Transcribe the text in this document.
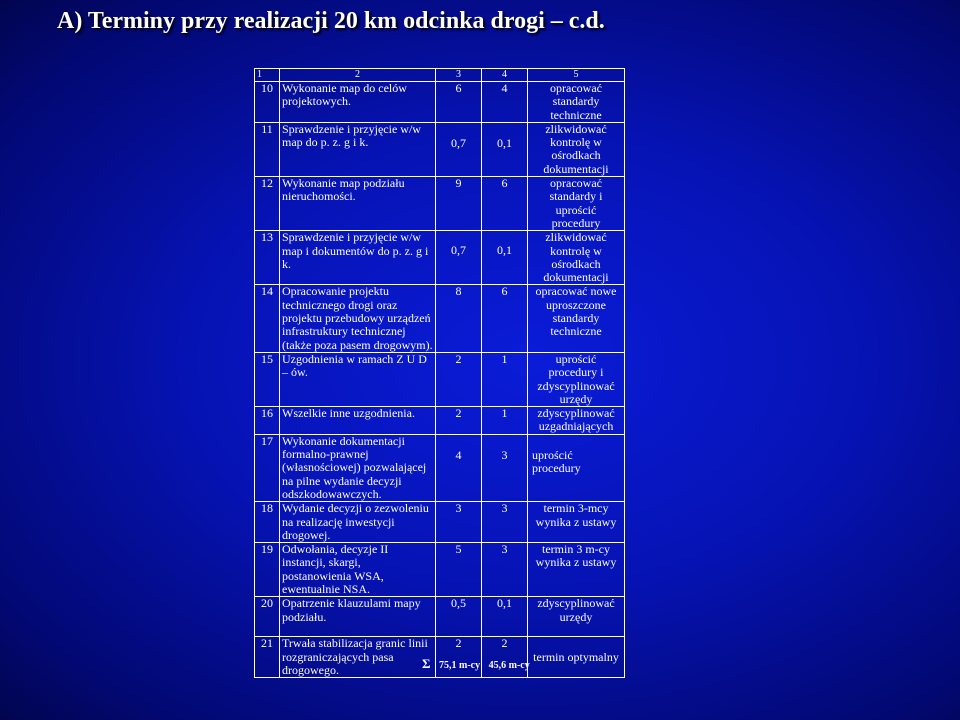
A) Terminy przy realizacji 20 km odcinka drogi – c.d.
1	2	3	4	5
10	Wykonanie map do celów projektowych.	6	4	opracować standardy techniczne
11	Sprawdzenie i przyjęcie w/w map do p. z. g i k.	0,7	0,1	zlikwidować kontrolę w ośrodkach dokumentacji
12	Wykonanie map podziału nieruchomości.	9	6	opracować standardy i uprościć procedury
13	Sprawdzenie i przyjęcie w/w map i dokumentów do p. z. g i k.	0,7	0,1	zlikwidować kontrolę w ośrodkach dokumentacji
14	Opracowanie projektu technicznego drogi oraz projektu przebudowy urządzeń infrastruktury technicznej (także poza pasem drogowym).	8	6	opracować nowe uproszczone standardy techniczne
15	Uzgodnienia w ramach Z U D – ów.	2	1	uprościć procedury i zdyscyplinować urzędy
16	Wszelkie inne uzgodnienia.	2	1	zdyscyplinować uzgadniających
17	Wykonanie dokumentacji formalno-prawnej (własnościowej) pozwalającej na pilne wydanie decyzji odszkodowawczych.	4	3	uprościć procedury
18	Wydanie decyzji o zezwoleniu na realizację inwestycji drogowej.	3	3	termin 3-mcy wynika z ustawy
19	Odwołania, decyzje II instancji, skargi, postanowienia WSA, ewentualnie NSA.	5	3	termin 3 m-cy wynika z ustawy
20	Opatrzenie klauzulami mapy podziału.	0,5	0,1	zdyscyplinować urzędy
21	Trwała stabilizacja granic linii rozgraniczających pasa drogowego.	2	2	termin optymalny
Σ 75,1 m-cy 45,6 m-cy
